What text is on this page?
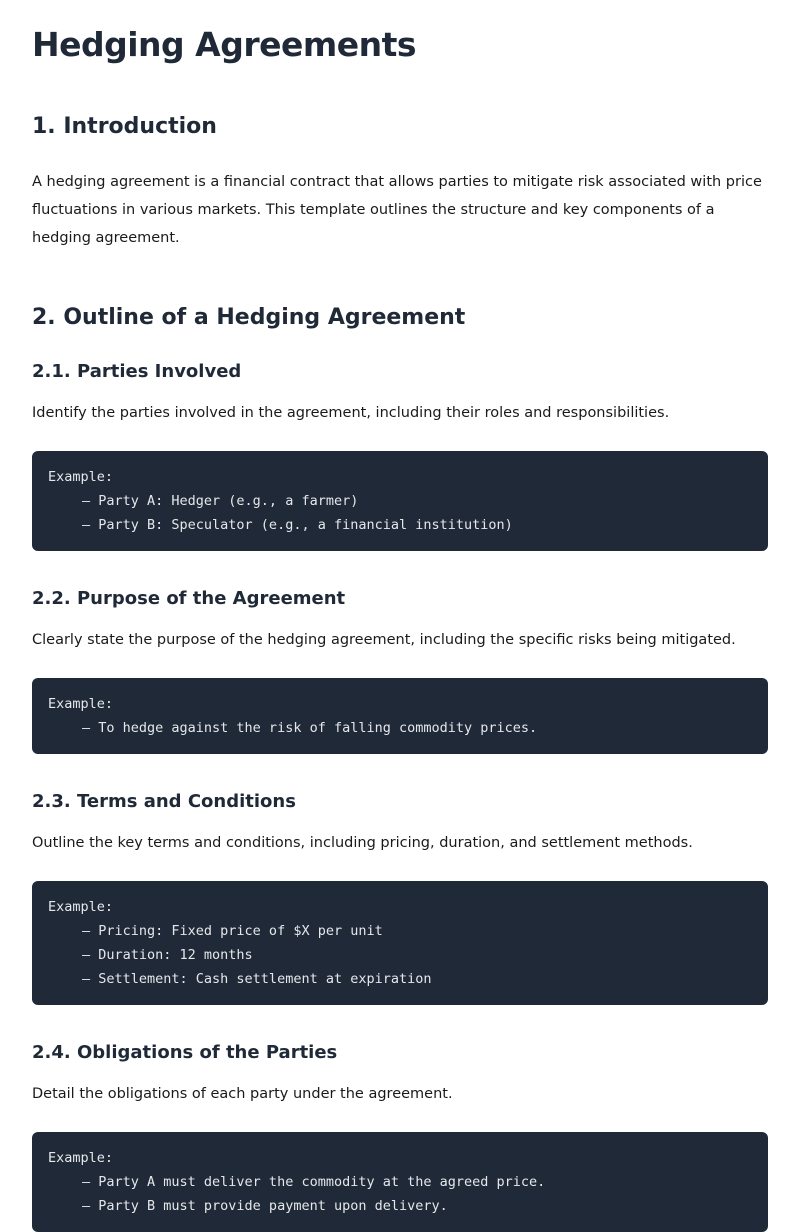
Hedging Agreements
1. Introduction

A hedging agreement is a financial contract that allows parties to mitigate risk associated with price fluctuations in various markets. This template outlines the structure and key components of a hedging agreement.

2. Outline of a Hedging Agreement
2.1. Parties Involved

Identify the parties involved in the agreement, including their roles and responsibilities.

Example:
– Party A: Hedger (e.g., a farmer)
– Party B: Speculator (e.g., a financial institution)
2.2. Purpose of the Agreement

Clearly state the purpose of the hedging agreement, including the specific risks being mitigated.

Example:
– To hedge against the risk of falling commodity prices.
2.3. Terms and Conditions

Outline the key terms and conditions, including pricing, duration, and settlement methods.

Example:
– Pricing: Fixed price of $X per unit
– Duration: 12 months
– Settlement: Cash settlement at expiration
2.4. Obligations of the Parties

Detail the obligations of each party under the agreement.

Example:
– Party A must deliver the commodity at the agreed price.
– Party B must provide payment upon delivery.
